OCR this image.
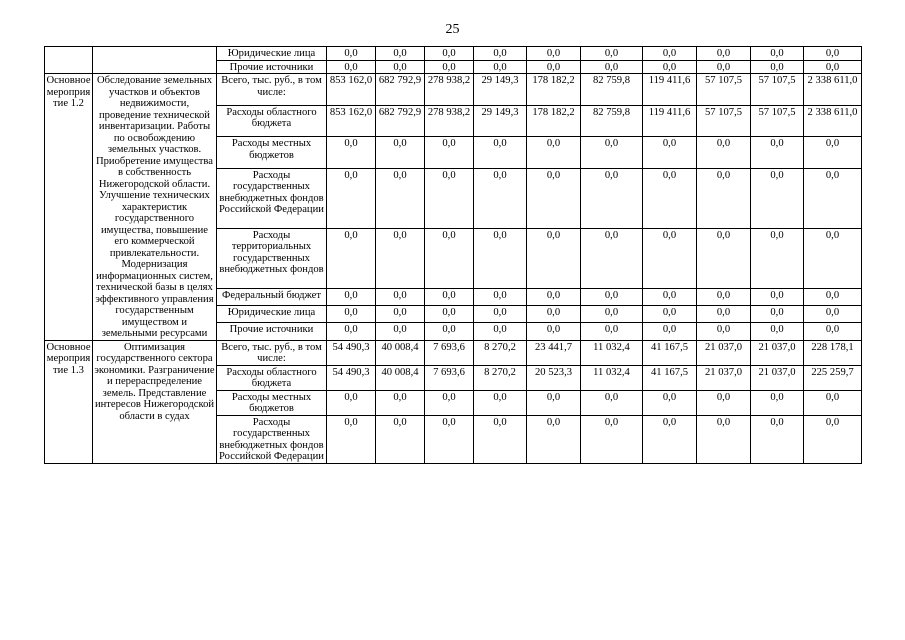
25
		Юридические лица	0,0	0,0	0,0	0,0	0,0	0,0	0,0	0,0	0,0	0,0
		Прочие источники	0,0	0,0	0,0	0,0	0,0	0,0	0,0	0,0	0,0	0,0
Основное мероприятие 1.2	Обследование земельных участков и объектов недвижимости, проведение технической инвентаризации. Работы по освобождению земельных участков. Приобретение имущества в собственность Нижегородской области. Улучшение технических характеристик государственного имущества, повышение его коммерческой привлекательности. Модернизация информационных систем, технической базы в целях эффективного управления государственным имуществом и земельными ресурсами	Всего, тыс. руб., в том числе:	853 162,0	682 792,9	278 938,2	29 149,3	178 182,2	82 759,8	119 411,6	57 107,5	57 107,5	2 338 611,0
		Расходы областного бюджета	853 162,0	682 792,9	278 938,2	29 149,3	178 182,2	82 759,8	119 411,6	57 107,5	57 107,5	2 338 611,0
		Расходы местных бюджетов	0,0	0,0	0,0	0,0	0,0	0,0	0,0	0,0	0,0	0,0
		Расходы государственных внебюджетных фондов Российской Федерации	0,0	0,0	0,0	0,0	0,0	0,0	0,0	0,0	0,0	0,0
		Расходы территориальных государственных внебюджетных фондов	0,0	0,0	0,0	0,0	0,0	0,0	0,0	0,0	0,0	0,0
		Федеральный бюджет	0,0	0,0	0,0	0,0	0,0	0,0	0,0	0,0	0,0	0,0
		Юридические лица	0,0	0,0	0,0	0,0	0,0	0,0	0,0	0,0	0,0	0,0
		Прочие источники	0,0	0,0	0,0	0,0	0,0	0,0	0,0	0,0	0,0	0,0
Основное мероприятие 1.3	Оптимизация государственного сектора экономики. Разграничение и перераспределение земель. Представление интересов Нижегородской области в судах	Всего, тыс. руб., в том числе:	54 490,3	40 008,4	7 693,6	8 270,2	23 441,7	11 032,4	41 167,5	21 037,0	21 037,0	228 178,1
		Расходы областного бюджета	54 490,3	40 008,4	7 693,6	8 270,2	20 523,3	11 032,4	41 167,5	21 037,0	21 037,0	225 259,7
		Расходы местных бюджетов	0,0	0,0	0,0	0,0	0,0	0,0	0,0	0,0	0,0	0,0
		Расходы государственных внебюджетных фондов Российской Федерации	0,0	0,0	0,0	0,0	0,0	0,0	0,0	0,0	0,0	0,0
